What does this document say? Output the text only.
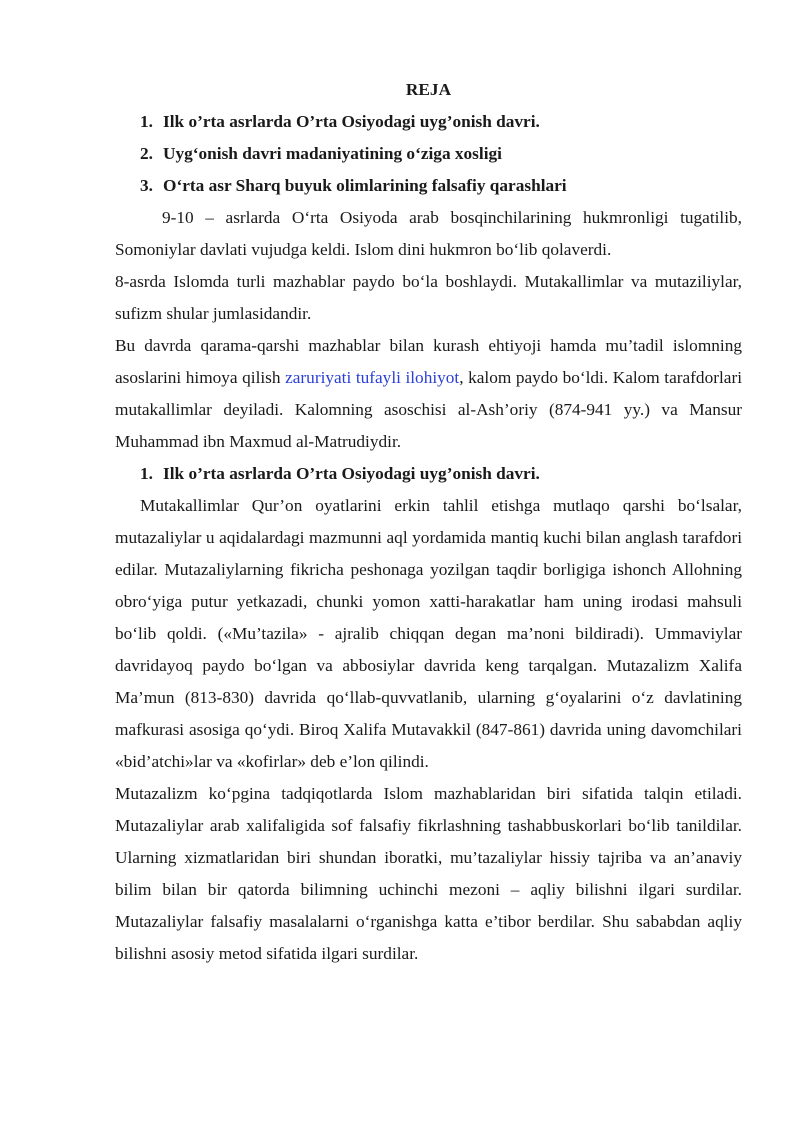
REJA
1. Ilk o’rta asrlarda O’rta Osiyodagi uyg’onish davri.
2. Uyg‘onish davri madaniyatining o‘ziga xosligi
3. O‘rta asr Sharq buyuk olimlarining falsafiy qarashlari

9-10 – asrlarda O‘rta Osiyoda arab bosqinchilarining hukmronligi tugatilib, Somoniylar davlati vujudga keldi. Islom dini hukmron bo‘lib qolaverdi.

8-asrda Islomda turli mazhablar paydo bo‘la boshlaydi. Mutakallimlar va mutaziliylar, sufizm shular jumlasidandir.

Bu davrda qarama-qarshi mazhablar bilan kurash ehtiyoji hamda mu’tadil islomning asoslarini himoya qilish zaruriyati tufayli ilohiyot, kalom paydo bo‘ldi. Kalom tarafdorlari mutakallimlar deyiladi. Kalomning asoschisi al-Ash’oriy (874-941 yy.) va Mansur Muhammad ibn Maxmud al-Matrudiydir.

1. Ilk o’rta asrlarda O’rta Osiyodagi uyg’onish davri.

Mutakallimlar Qur’on oyatlarini erkin tahlil etishga mutlaqo qarshi bo‘lsalar, mutazaliylar u aqidalardagi mazmunni aql yordamida mantiq kuchi bilan anglash tarafdori edilar. Mutazaliylarning fikricha peshonaga yozilgan taqdir borligiga ishonch Allohning obro‘yiga putur yetkazadi, chunki yomon xatti-harakatlar ham uning irodasi mahsuli bo‘lib qoldi. («Mu’tazila» - ajralib chiqqan degan ma’noni bildiradi). Ummaviylar davridayoq paydo bo‘lgan va abbosiylar davrida keng tarqalgan. Mutazalizm Xalifa Ma’mun (813-830) davrida qo‘llab-quvvatlanib, ularning g‘oyalarini o‘z davlatining mafkurasi asosiga qo‘ydi. Biroq Xalifa Mutavakkil (847-861) davrida uning davomchilari «bid’atchi»lar va «kofirlar» deb e’lon qilindi.

Mutazalizm ko‘pgina tadqiqotlarda Islom mazhablaridan biri sifatida talqin etiladi. Mutazaliylar arab xalifaligida sof falsafiy fikrlashning tashabbuskorlari bo‘lib tanildilar. Ularning xizmatlaridan biri shundan iboratki, mu’tazaliylar hissiy tajriba va an’anaviy bilim bilan bir qatorda bilimning uchinchi mezoni – aqliy bilishni ilgari surdilar. Mutazaliylar falsafiy masalalarni o‘rganishga katta e’tibor berdilar. Shu sababdan aqliy bilishni asosiy metod sifatida ilgari surdilar.
